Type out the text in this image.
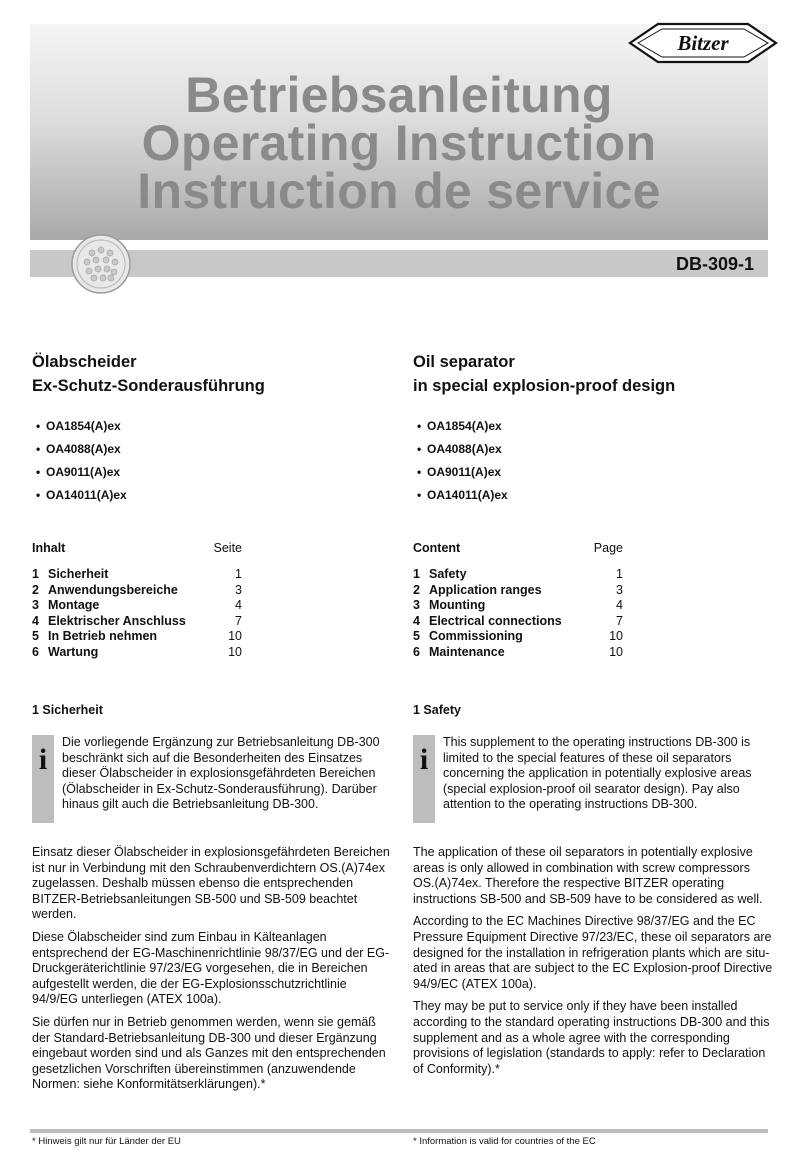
Betriebsanleitung
Operating Instruction
Instruction de service
Bitzer
DB-309-1
Ölabscheider
Ex-Schutz-Sonderausführung
• OA1854(A)ex
• OA4088(A)ex
• OA9011(A)ex
• OA14011(A)ex
Oil separator
in special explosion-proof design
• OA1854(A)ex
• OA4088(A)ex
• OA9011(A)ex
• OA14011(A)ex
Inhalt	Seite
1 Sicherheit	1
2 Anwendungsbereiche	3
3 Montage	4
4 Elektrischer Anschluss	7
5 In Betrieb nehmen	10
6 Wartung	10
Content	Page
1 Safety	1
2 Application ranges	3
3 Mounting	4
4 Electrical connections	7
5 Commissioning	10
6 Maintenance	10
1 Sicherheit	1 Safety
i
Die vorliegende Ergänzung zur Betriebsanleitung DB-300 beschränkt sich auf die Besonderheiten des Einsatzes dieser Ölabscheider in explosionsgefährdeten Bereichen (Ölabscheider in Ex-Schutz-Sonderausführung). Darüber hinaus gilt auch die Betriebsanleitung DB-300.
i
This supplement to the operating instructions DB-300 is limited to the special features of these oil separators concerning the application in potentially explosive areas (special explosion-proof oil searator design). Pay also attention to the operating instructions DB-300.

Einsatz dieser Ölabscheider in explosionsgefährdeten Bereichen ist nur in Verbindung mit den Schraubenverdichtern OS.(A)74ex zugelassen. Deshalb müssen ebenso die entsprechenden BITZER-Betriebsanleitungen SB-500 und SB-509 beachtet werden.

Diese Ölabscheider sind zum Einbau in Kälteanlagen entsprechend der EG-Maschinenrichtlinie 98/37/EG und der EG-Druckgeräterichtlinie 97/23/EG vorgesehen, die in Bereichen aufgestellt werden, die der EG-Explosionsschutzrichtlinie 94/9/EG unterliegen (ATEX 100a).

Sie dürfen nur in Betrieb genommen werden, wenn sie gemäß der Standard-Betriebsanleitung DB-300 und dieser Ergänzung eingebaut worden sind und als Ganzes mit den entsprechenden gesetzlichen Vorschriften übereinstimmen (anzuwendende Normen: siehe Konformitätserklärungen).*

The application of these oil separators in potentially explosive areas is only allowed in combination with screw compressors OS.(A)74ex. Therefore the respective BITZER operating instructions SB-500 and SB-509 have to be considered as well.

According to the EC Machines Directive 98/37/EG and the EC Pressure Equipment Directive 97/23/EC, these oil separators are designed for the installation in refrigeration plants which are situ-ated in areas that are subject to the EC Explosion-proof Directive 94/9/EC (ATEX 100a).

They may be put to service only if they have been installed according to the standard operating instructions DB-300 and this supplement and as a whole agree with the corresponding provisions of legislation (standards to apply: refer to Declaration of Conformity).*

* Hinweis gilt nur für Länder der EU	* Information is valid for countries of the EC
